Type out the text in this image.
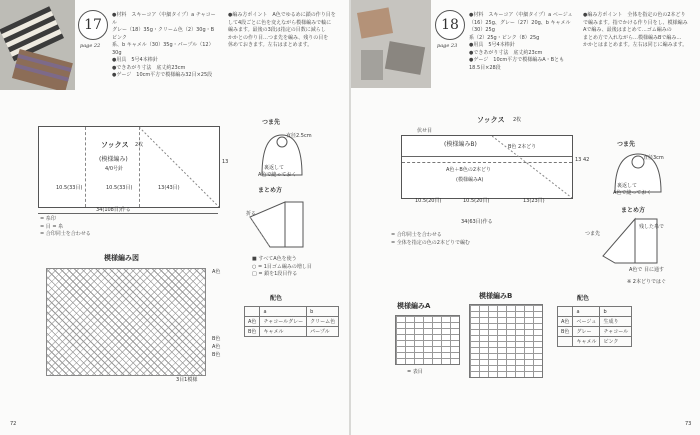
17
page 22
●材料　スキーコア（中細タイプ）a チャコール
グレー（18）35g・クリーム色（2）30g・B ピンク
系、b キャメル（30）35g・パープル（12）30g
●用具　5号4本棒針
●できあがり寸法　底丈約23cm
●ゲージ　10cm平方で模様編み32目×25段
●編み方ポイント　A色でゆるめに鎖の作り目を
して4段ごとに色を変えながら模様編みで輪に
編みます。最後の3段は指定の目数に減らし
かかとの作り目…つま先を編み、残りの目を
休めておきます。左右はまとめます。
ソックス 2枚
(模様編み)
4/0号針
10.5(33目)	10.5(33目)	13(43目)
34(108目)作る
13
= 糸印
= 目 = 糸
= 合印同士を合わせる
つま先
直径2.5cm
裏返して
A色で縫っておく
まとめ方
折る
■ すべてA色を使う
○ = 1目ゴム編みの増し目
□ = 鎖を1段目作る
模様編み図
A色
B色
A色
B色
3目1模様
配色
	a	b
A色	チャコールグレー	クリーム色
B色	キャメル	パープル
72
18
page 23
●材料　スキーコア（中細タイプ）a ベージュ
（16）25g、グレー（27）20g、b キャメル（30）25g
系（2）25g・ピンク（8）25g
●用具　5号4本棒針
●できあがり寸法　底丈約23cm
●ゲージ　10cm平方で模様編みA・Bとも
18.5目×28段
●編み方ポイント　全体を指定の色の2本どり
で編みます。指でかける作り目をし、模様編み
Aで編み、最後はまとめて…ゴム編みの
まとめ方で入れながら…模様編みBで編み…
かかとはまとめます。左右は同じに編みます。
ソックス 2枚
伏せ目
(模様編みB)	B色 2本どり
A色＋B色の2本どり
(模様編みA)
10.5(20目)	10.5(20目)	13(23目)
34(63目)作る
13 42
= 合印同士を合わせる
= 全体を指定の色の2本どりで編む
つま先
直径3cm
裏返して
A色で縫っておく
まとめ方
つま先
残した糸で
A色で 目に通す
※ 2本どりではぐ
模様編みA
= 表目
模様編みB	配色
	a	b
A色	ベージュ	生成り
B色	グレー	チャコール
	キャメル	ピンク
73
